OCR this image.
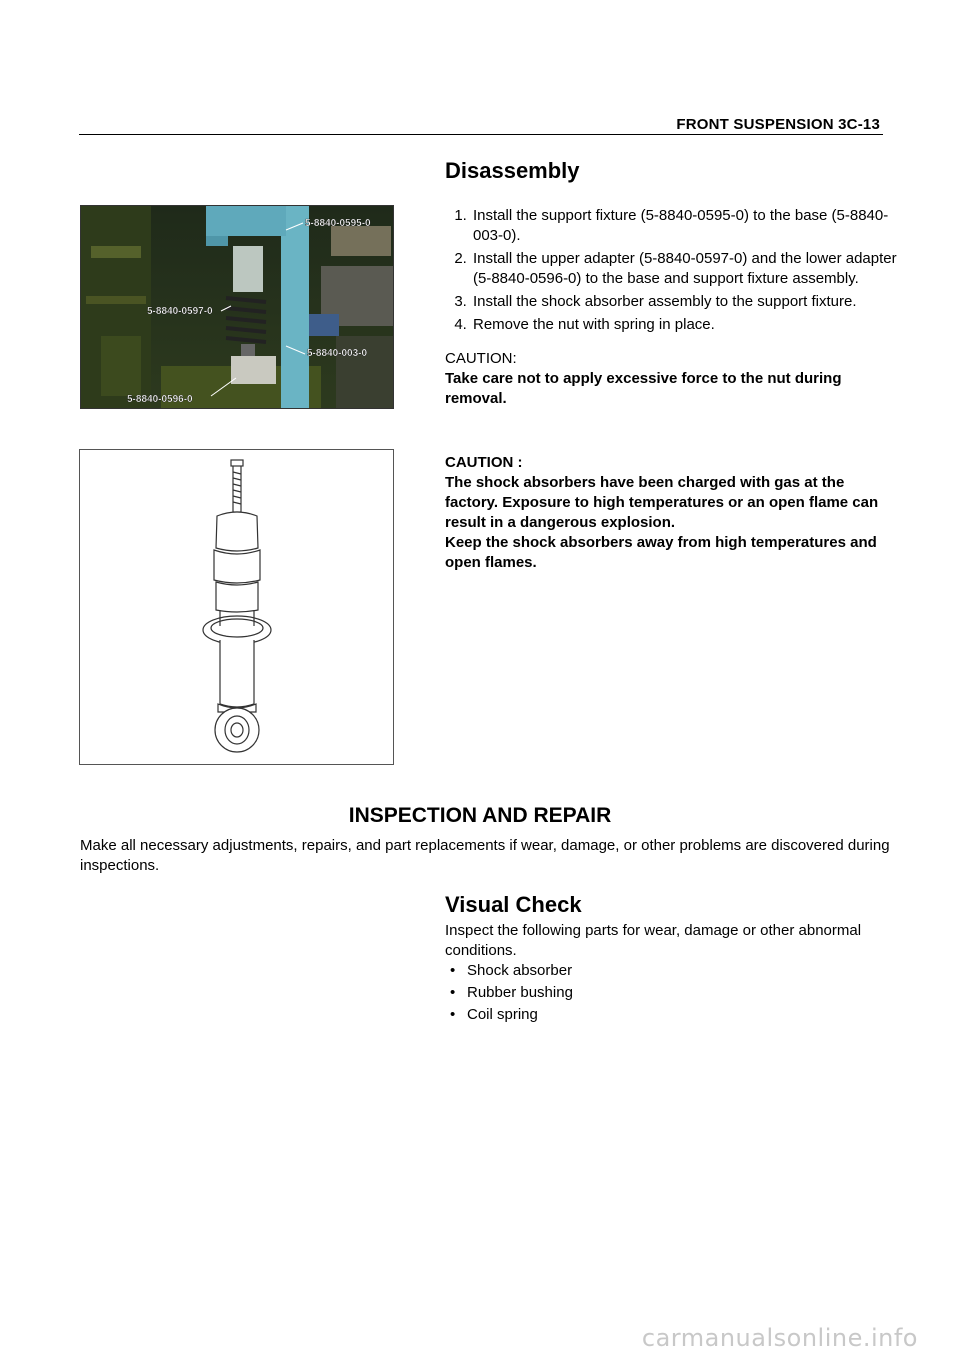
FRONT SUSPENSION 3C-13
Disassembly
1. Install the support fixture (5-8840-0595-0) to the base (5-8840-003-0).
2. Install the upper adapter (5-8840-0597-0) and the lower adapter (5-8840-0596-0) to the base and support fixture assembly.
3. Install the shock absorber assembly to the support fixture.
4. Remove the nut with spring in place.
CAUTION:
Take care not to apply excessive force to the nut during removal.
5-8840-0595-0
5-8840-0597-0
5-8840-0596-0
5-8840-003-0
CAUTION :
The shock absorbers have been charged with gas at the factory. Exposure to high temperatures or an open flame can result in a dangerous explosion.
Keep the shock absorbers away from high temperatures and open flames.
INSPECTION AND REPAIR
Make all necessary adjustments, repairs, and part replacements if wear, damage, or other problems are discovered during inspections.
Visual Check
Inspect the following parts for wear, damage or other abnormal conditions.
• Shock absorber
• Rubber bushing
• Coil spring
carmanualsonline.info
